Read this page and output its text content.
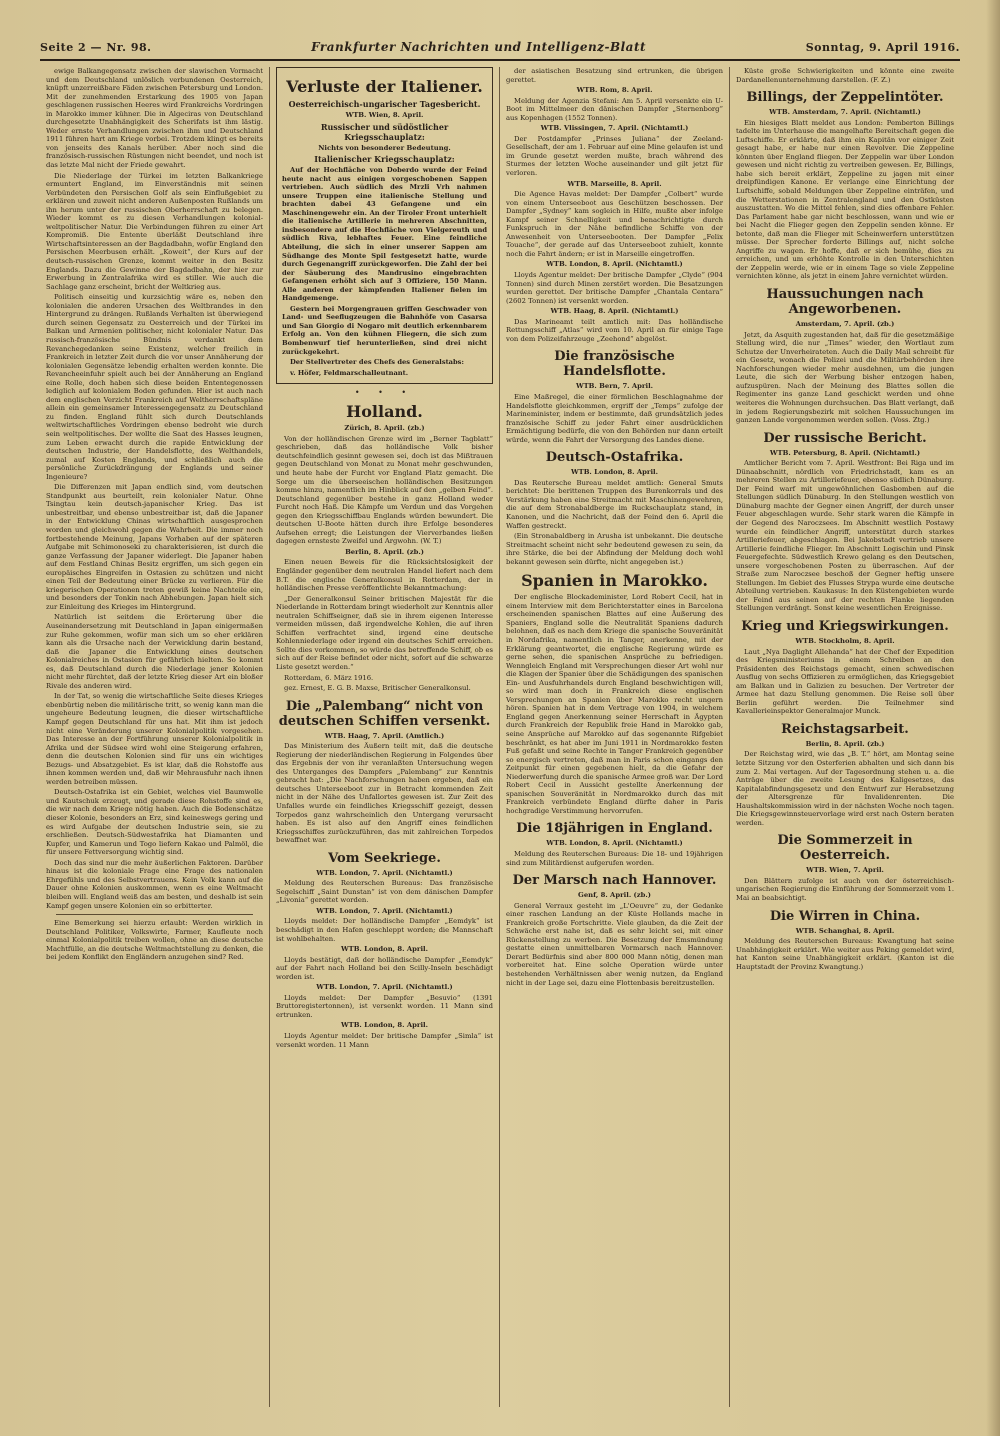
Seite 2 — Nr. 98.	Frankfurter Nachrichten und Intelligenz-Blatt	Sonntag, 9. April 1916.

ewige Balkangegensatz zwischen der slawischen Vormacht und dem Deutschland unlöslich verbundenen Oesterreich, knüpft unzerreißbare Fäden zwischen Petersburg und London. Mit der zunehmenden Erstarkung des 1905 von Japan geschlagenen russischen Heeres wird Frankreichs Vordringen in Marokko immer kühner. Die in Algeciras von Deutschland durchgesetzte Unabhängigkeit des Scherifats ist ihm lästig. Weder ernste Verhandlungen zwischen ihm und Deutschland 1911 führen hart am Kriege vorbei. Trotzdem klingt es bereits von jenseits des Kanals herüber. Aber noch sind die französisch-russischen Rüstungen nicht beendet, und noch ist das letzte Mal nicht der Friede gewahrt.

Die Niederlage der Türkei im letzten Balkankriege ermuntert England, im Einverständnis mit seinen Verbündeten den Persischen Golf als sein Einflußgebiet zu erklären und zuweit nicht anderen Außenposten Rußlands um ihn herum unter der russischen Oberherrschaft zu belegen. Wieder kommt es zu diesen Verhandlungen kolonial-weltpolitischer Natur. Die Verbindungen führen zu einer Art Kompromiß. Die Entente überläßt Deutschland ihre Wirtschaftsinteressen an der Bagdadbahn, wofür England den Persischen Meerbusen erhält. „Koweit“, der Kurs auf der deutsch-russischen Grenze, kommt weiter in den Besitz Englands. Dazu die Gewinne der Bagdadbahn, der hier zur Erwerbung in Zentralafrika wird es stiller. Wie auch die Sachlage ganz erscheint, bricht der Weltkrieg aus.

Politisch einseitig und kurzsichtig wäre es, neben den kolonialen die anderen Ursachen des Weltbrandes in den Hintergrund zu drängen. Rußlands Verhalten ist überwiegend durch seinen Gegensatz zu Oesterreich und der Türkei im Balkan und Armenien politischer, nicht kolonialer Natur. Das russisch-französische Bündnis verdankt dem Revanchegedanken seine Existenz, welcher freilich in Frankreich in letzter Zeit durch die vor unser Annäherung der kolonialen Gegensätze lebendig erhalten werden konnte. Die Revancheeinfuhr spielt auch bei der Annäherung an England eine Rolle, doch haben sich diese beiden Ententegenossen lediglich auf kolonialem Boden gefunden. Hier ist auch nach dem englischen Verzicht Frankreich auf Weltherrschaftspläne allein ein gemeinsamer Interessengegensatz zu Deutschland zu finden. England fühlt sich durch Deutschlands weltwirtschaftliches Vordringen ebenso bedroht wie durch sein weltpolitisches. Der wollte die Saat des Hasses leugnen, zum Leben erwacht durch die rapide Entwicklung der deutschen Industrie, der Handelsflotte, des Welthandels, zumal auf Kosten Englands, und schließlich auch die persönliche Zurückdrängung der Englands und seiner Ingenieure?

Die Differenzen mit Japan endlich sind, vom deutschen Standpunkt aus beurteilt, rein kolonialer Natur. Ohne Tsingtau kein deutsch-japanischer Krieg. Das ist unbestreitbar, und ebenso unbestreitbar ist, daß die Japaner in der Entwicklung Chinas wirtschaftlich ausgesprochen worden und gleichwohl gegen die Wahrheit. Die immer noch fortbestehende Meinung, Japans Vorhaben auf der späteren Aufgabe mit Schimonoseki zu charakterisieren, ist durch die ganze Verfassung der Japaner widerlegt. Die Japaner haben auf dem Festland Chinas Besitz ergriffen, um sich gegen ein europäisches Eingreifen in Ostasien zu schützen und nicht einen Teil der Bedeutung einer Brücke zu verlieren. Für die kriegerischen Operationen treten gewiß keine Nachteile ein, und besonders der Tonkin nach Abhebungen. Japan hielt sich zur Einleitung des Krieges im Hintergrund.

Natürlich ist seitdem die Erörterung über die Auseinandersetzung mit Deutschland in Japan einigermaßen zur Ruhe gekommen, wofür man sich um so eher erklären kann als die Ursache nach der Verwicklung darin bestand, daß die Japaner die Entwicklung eines deutschen Kolonialreiches in Ostasien für gefährlich hielten. So kommt es, daß Deutschland durch die Niederlage jener Kolonien nicht mehr fürchtet, daß der letzte Krieg dieser Art ein bloßer Rivale des anderen wird.

In der Tat, so wenig die wirtschaftliche Seite dieses Krieges ebenbürtig neben die militärische tritt, so wenig kann man die ungeheure Bedeutung leugnen, die dieser wirtschaftliche Kampf gegen Deutschland für uns hat. Mit ihm ist jedoch nicht eine Veränderung unserer Kolonialpolitik vorgesehen. Das Interesse an der Fortführung unserer Kolonialpolitik in Afrika und der Südsee wird wohl eine Steigerung erfahren, denn die deutschen Kolonien sind für uns ein wichtiges Bezugs- und Absatzgebiet. Es ist klar, daß die Rohstoffe aus ihnen kommen werden und, daß wir Mehrausfuhr nach ihnen werden betreiben müssen.

Deutsch-Ostafrika ist ein Gebiet, welches viel Baumwolle und Kautschuk erzeugt, und gerade diese Rohstoffe sind es, die wir nach dem Kriege nötig haben. Auch die Bodenschätze dieser Kolonie, besonders an Erz, sind keineswegs gering und es wird Aufgabe der deutschen Industrie sein, sie zu erschließen. Deutsch-Südwestafrika hat Diamanten und Kupfer, und Kamerun und Togo liefern Kakao und Palmöl, die für unsere Fettversorgung wichtig sind.

Doch das sind nur die mehr äußerlichen Faktoren. Darüber hinaus ist die koloniale Frage eine Frage des nationalen Ehrgefühls und des Selbstvertrauens. Kein Volk kann auf die Dauer ohne Kolonien auskommen, wenn es eine Weltmacht bleiben will. England weiß das am besten, und deshalb ist sein Kampf gegen unsere Kolonien ein so erbitterter.

Eine Bemerkung sei hierzu erlaubt: Werden wirklich in Deutschland Politiker, Volkswirte, Farmer, Kaufleute noch einmal Kolonialpolitik treiben wollen, ohne an diese deutsche Machtfülle, an die deutsche Weltmachtstellung zu denken, die bei jedem Konflikt den Engländern anzugehen sind? Red.

Verluste der Italiener.
Oesterreichisch-ungarischer Tagesbericht.

WTB. Wien, 8. April.

Russischer und südöstlicher Kriegsschauplatz:

Nichts von besonderer Bedeutung.

Italienischer Kriegsschauplatz:

Auf der Hochfläche von Doberdo wurde der Feind heute nacht aus einigen vorgeschobenen Sappen vertrieben. Auch südlich des Mrzli Vrh nahmen unsere Truppen eine italienische Stellung und brachten dabei 43 Gefangene und ein Maschinengewehr ein. An der Tiroler Front unterhielt die italienische Artillerie in mehreren Abschnitten, insbesondere auf die Hochfläche von Vielgereuth und südlich Riva, lebhaftes Feuer. Eine feindliche Abteilung, die sich in einer unserer Sappen am Südhange des Monte Spil festgesetzt hatte, wurde durch Gegenangriff zurückgeworfen. Die Zahl der bei der Säuberung des Mandrusino eingebrachten Gefangenen erhöht sich auf 3 Offiziere, 150 Mann. Alle anderen der kämpfenden Italiener fielen im Handgemenge.

Gestern bei Morgengrauen griffen Geschwader von Land- und Seeflugzeugen die Bahnhöfe von Casarsa und San Giorgio di Nogaro mit deutlich erkennbarem Erfolg an. Von den kühnen Fliegern, die sich zum Bombenwurf tief herunterließen, sind drei nicht zurückgekehrt.

Der Stellvertreter des Chefs des Generalstabs:

v. Höfer, Feldmarschalleutnant.

• • •
Holland.

Zürich, 8. April. (zb.)

Von der holländischen Grenze wird im „Berner Tagblatt“ geschrieben, daß das holländische Volk bisher deutschfeindlich gesinnt gewesen sei, doch ist das Mißtrauen gegen Deutschland von Monat zu Monat mehr geschwunden, und heute habe der Furcht vor England Platz gemacht. Die Sorge um die überseeischen holländischen Besitzungen komme hinzu, namentlich im Hinblick auf den „gelben Feind“. Deutschland gegenüber bestehe in ganz Holland weder Furcht noch Haß. Die Kämpfe um Verdun und das Vorgehen gegen den Kriegsschiffbau Englands würden bewundert. Die deutschen U-Boote hätten durch ihre Erfolge besonderes Aufsehen erregt; die Leistungen der Vierverbandes ließen dagegen ernsteste Zweifel und Argwohn. (W. T.)

Berlin, 8. April. (zb.)

Einen neuen Beweis für die Rücksichtslosigkeit der Engländer gegenüber dem neutralen Handel liefert nach dem B.T. die englische Generalkonsul in Rotterdam, der in holländischen Presse veröffentlichte Bekanntmachung:

„Der Generalkonsul Seiner britischen Majestät für die Niederlande in Rotterdam bringt wiederholt zur Kenntnis aller neutralen Schiffseigner, daß sie in ihrem eigenen Interesse vermeiden müssen, daß irgendwelche Kohlen, die auf ihren Schiffen verfrachtet sind, irgend eine deutsche Kohlenniederlage oder irgend ein deutsches Schiff erreichen. Sollte dies vorkommen, so würde das betreffende Schiff, ob es sich auf der Reise befindet oder nicht, sofort auf die schwarze Liste gesetzt werden.“

Rotterdam, 6. März 1916.

gez. Ernest, E. G. B. Maxse, Britischer Generalkonsul.

Die „Palembang“ nicht von deutschen Schiffen versenkt.

WTB. Haag, 7. April. (Amtlich.)

Das Ministerium des Äußern teilt mit, daß die deutsche Regierung der niederländischen Regierung in Folgendes über das Ergebnis der von ihr veranlaßten Untersuchung wegen des Unterganges des Dampfers „Palembang“ zur Kenntnis gebracht hat: „Die Nachforschungen haben ergeben, daß ein deutsches Unterseeboot zur in Betracht kommenden Zeit nicht in der Nähe des Unfallortes gewesen ist. Zur Zeit des Unfalles wurde ein feindliches Kriegsschiff gezeigt, dessen Torpedos ganz wahrscheinlich den Untergang verursacht haben. Es ist also auf den Angriff eines feindlichen Kriegsschiffes zurückzuführen, das mit zahlreichen Torpedos bewaffnet war.

Vom Seekriege.

WTB. London, 7. April. (Nichtamtl.)

Meldung des Reuterschen Bureaus: Das französische Segelschiff „Saint Dunstan“ ist von dem dänischen Dampfer „Livonia“ gerettet worden.

WTB. London, 7. April. (Nichtamtl.)

Lloyds meldet: Der holländische Dampfer „Eemdyk“ ist beschädigt in den Hafen geschleppt worden; die Mannschaft ist wohlbehalten.

WTB. London, 8. April.

Lloyds bestätigt, daß der holländische Dampfer „Eemdyk“ auf der Fahrt nach Holland bei den Scilly-Inseln beschädigt worden ist.

WTB. London, 7. April. (Nichtamtl.)

Lloyds meldet: Der Dampfer „Besuvio“ (1391 Bruttoregistertonnen), ist versenkt worden. 11 Mann sind ertrunken.

WTB. London, 8. April.

Lloyds Agentur meldet: Der britische Dampfer „Simla“ ist versenkt worden. 11 Mann

der asiatischen Besatzung sind ertrunken, die übrigen gerettet.

WTB. Rom, 8. April.

Meldung der Agenzia Stefani: Am 5. April versenkte ein U-Boot im Mittelmeer den dänischen Dampfer „Sternenborg“ aus Kopenhagen (1552 Tonnen).

WTB. Vlissingen, 7. April. (Nichtamtl.)

Der Postdampfer „Prinses Juliana“ der Zeeland-Gesellschaft, der am 1. Februar auf eine Mine gelaufen ist und im Grunde gesetzt werden mußte, brach während des Sturmes der letzten Woche auseinander und gilt jetzt für verloren.

WTB. Marseille, 8. April.

Die Agence Havas meldet: Der Dampfer „Colbert“ wurde von einem Unterseeboot aus Geschützen beschossen. Der Dampfer „Sydney“ kam sogleich in Hilfe, mußte aber infolge Kampf seiner Schnelligkeit und benachrichtigte durch Funkspruch in der Nähe befindliche Schiffe von der Anwesenheit von Unterseebooten. Der Dampfer „Felix Touache“, der gerade auf das Unterseeboot zuhielt, konnte noch die Fahrt ändern; er ist in Marseille eingetroffen.

WTB. London, 8. April. (Nichtamtl.)

Lloyds Agentur meldet: Der britische Dampfer „Clyde“ (904 Tonnen) sind durch Minen zerstört worden. Die Besatzungen wurden gerettet. Der britische Dampfer „Chantala Centara“ (2602 Tonnen) ist versenkt worden.

WTB. Haag, 8. April. (Nichtamtl.)

Das Marineamt teilt amtlich mit: Das holländische Rettungsschiff „Atlas“ wird vom 10. April an für einige Tage von dem Polizeifahrzeuge „Zeehond“ abgelöst.

Die französische Handelsflotte.

WTB. Bern, 7. April.

Eine Maßregel, die einer förmlichen Beschlagnahme der Handelsflotte gleichkommen, ergriff der „Temps“ zufolge der Marineminister, indem er bestimmte, daß grundsätzlich jedes französische Schiff zu jeder Fahrt einer ausdrücklichen Ermächtigung bedürfe, die von den Behörden nur dann erteilt würde, wenn die Fahrt der Versorgung des Landes diene.

Deutsch-Ostafrika.

WTB. London, 8. April.

Das Reutersche Bureau meldet amtlich: General Smuts berichtet: Die berittenen Truppen des Burenkorrals und des Verstärkung haben eine Streitmacht mit Maschinengewehren, die auf dem Stronabaldberge im Ruckschauplatz stand, in Kanonen, und die Nachricht, daß der Feind den 6. April die Waffen gestreckt.

(Ein Stronabaldberg in Arusha ist unbekannt. Die deutsche Streitmacht scheint nicht sehr bedeutend gewesen zu sein, da ihre Stärke, die bei der Abfindung der Meldung doch wohl bekannt gewesen sein dürfte, nicht angegeben ist.)

Spanien in Marokko.

Der englische Blockademinister, Lord Robert Cecil, hat in einem Interview mit dem Berichterstatter eines in Barcelona erscheinenden spanischen Blattes auf eine Äußerung des Spaniers, England solle die Neutralität Spaniens dadurch belohnen, daß es nach dem Kriege die spanische Souveränität in Nordafrika, namentlich in Tanger, anerkenne, mit der Erklärung geantwortet, die englische Regierung würde es gerne sehen, die spanischen Ansprüche zu befriedigen. Wenngleich England mit Versprechungen dieser Art wohl nur die Klagen der Spanier über die Schädigungen des spanischen Ein- und Ausfuhrhandels durch England beschwichtigen will, so wird man doch in Frankreich diese englischen Versprechungen an Spanien über Marokko recht ungern hören. Spanien hat in dem Vertrage von 1904, in welchem England gegen Anerkennung seiner Herrschaft in Ägypten durch Frankreich der Republik freie Hand in Marokko gab, seine Ansprüche auf Marokko auf das sogenannte Rifgebiet beschränkt, es hat aber im Juni 1911 in Nordmarokko festen Fuß gefaßt und seine Rechte in Tanger Frankreich gegenüber so energisch vertreten, daß man in Paris schon eingangs den Zeitpunkt für einen gegebenen hielt, da die Gefahr der Niederwerfung durch die spanische Armee groß war. Der Lord Robert Cecil in Aussicht gestellte Anerkennung der spanischen Souveränität in Nordmarokko durch das mit Frankreich verbündete England dürfte daher in Paris hochgradige Verstimmung hervorrufen.

Die 18jährigen in England.

WTB. London, 8. April. (Nichtamtl.)

Meldung des Reuterschen Bureaus: Die 18- und 19jährigen sind zum Militärdienst aufgerufen worden.

Der Marsch nach Hannover.

Genf, 8. April. (zb.)

General Verraux gesteht im „L'Oeuvre“ zu, der Gedanke einer raschen Landung an der Küste Hollands mache in Frankreich große Fortschritte. Viele glauben, da die Zeit der Schwäche erst nahe ist, daß es sehr leicht sei, mit einer Rückenstellung zu werben. Die Besetzung der Emsmündung gestatte einen unmittelbaren Vormarsch nach Hannover. Derart Bedürfnis sind aber 800 000 Mann nötig, denen man vorbereitet hat. Eine solche Operation würde unter bestehenden Verhältnissen aber wenig nutzen, da England nicht in der Lage sei, dazu eine Flottenbasis bereitzustellen.

Küste große Schwierigkeiten und könnte eine zweite Dardanellenunternehmung darstellen. (F. Z.)

Billings, der Zeppelintöter.

WTB. Amsterdam, 7. April. (Nichtamtl.)

Ein hiesiges Blatt meldet aus London: Pemberton Billings tadelte im Unterhause die mangelhafte Bereitschaft gegen die Luftschiffe. Er erklärte, daß ihm ein Kapitän vor einiger Zeit gesagt habe, er habe nur einen Revolver. Die Zeppeline könnten über England fliegen. Der Zeppelin war über London gewesen und nicht richtig zu vertreiben gewesen. Er, Billings, habe sich bereit erklärt, Zeppeline zu jagen mit einer dreipfündigen Kanone. Er verlange eine Einrichtung der Luftschiffe, sobald Meldungen über Zeppeline einträfen, und die Wetterstationen in Zentralengland und den Ostküsten auszustatten. Wo die Mittel fehlen, sind dies offenbare Fehler. Das Parlament habe gar nicht beschlossen, wann und wie er bei Nacht die Flieger gegen den Zeppelin senden könne. Er betonte, daß man die Flieger mit Scheinwerfern unterstützen müsse. Der Sprecher forderte Billings auf, nicht solche Angriffe zu wagen. Er hoffe, daß er sich bemühe, dies zu erreichen, und um erhöhte Kontrolle in den Unterschichten der Zeppelin werde, wie er in einem Tage so viele Zeppeline vernichten könne, als jetzt in einem Jahre vernichtet würden.

Haussuchungen nach Angeworbenen.

Amsterdam, 7. April. (zb.)

Jetzt, da Asquith zugestanden hat, daß für die gesetzmäßige Stellung wird, die nur „Times“ wieder, den Wortlaut zum Schutze der Unverheirateten. Auch die Daily Mail schreibt für ein Gesetz, wonach die Polizei und die Militärbehörden ihre Nachforschungen wieder mehr ausdehnen, um die jungen Leute, die sich der Werbung bisher entzogen haben, aufzuspüren. Nach der Meinung des Blattes sollen die Regimenter ins ganze Land geschickt werden und ohne weiteres die Wohnungen durchsuchen. Das Blatt verlangt, daß in jedem Regierungsbezirk mit solchen Haussuchungen im ganzen Lande vorgenommen werden sollen. (Voss. Ztg.)

Der russische Bericht.

WTB. Petersburg, 8. April. (Nichtamtl.)

Amtlicher Bericht vom 7. April. Westfront: Bei Riga und im Dünaabschnitt, nördlich von Friedrichstadt, kam es an mehreren Stellen zu Artilleriefeuer, ebenso südlich Dünaburg. Der Feind warf mit ungewöhnlichen Gasbomben auf die Stellungen südlich Dünaburg. In den Stellungen westlich von Dünaburg machte der Gegner einen Angriff, der durch unser Feuer abgeschlagen wurde. Sehr stark waren die Kämpfe in der Gegend des Naroczsees. Im Abschnitt westlich Postawy wurde ein feindlicher Angriff, unterstützt durch starkes Artilleriefeuer, abgeschlagen. Bei Jakobstadt vertrieb unsere Artillerie feindliche Flieger. Im Abschnitt Logischin und Pinsk Feuergefechte. Südwestlich Krewo gelang es den Deutschen, unsere vorgeschobenen Posten zu überraschen. Auf der Straße zum Naroczsee beschoß der Gegner heftig unsere Stellungen. Im Gebiet des Flusses Strypa wurde eine deutsche Abteilung vertrieben. Kaukasus: In den Küstengebieten wurde der Feind aus seinen auf der rechten Flanke liegenden Stellungen verdrängt. Sonst keine wesentlichen Ereignisse.

Krieg und Kriegswirkungen.

WTB. Stockholm, 8. April.

Laut „Nya Daglight Allehanda“ hat der Chef der Expedition des Kriegsministeriums in einem Schreiben an den Präsidenten des Reichstags gemacht, einen schwedischen Ausflug von sechs Offizieren zu ermöglichen, das Kriegsgebiet am Balkan und in Galizien zu besuchen. Der Vertreter der Armee hat dazu Stellung genommen. Die Reise soll über Berlin geführt werden. Die Teilnehmer sind Kavallerieinspektor Generalmajor Munck.

Reichstagsarbeit.

Berlin, 8. April. (zb.)

Der Reichstag wird, wie das „B. T.“ hört, am Montag seine letzte Sitzung vor den Osterferien abhalten und sich dann bis zum 2. Mai vertagen. Auf der Tagesordnung stehen u. a. die Anträge über die zweite Lesung des Kaligesetzes, das Kapitalabfindungsgesetz und den Entwurf zur Herabsetzung der Altersgrenze für Invalidenrenten. Die Haushaltskommission wird in der nächsten Woche noch tagen. Die Kriegsgewinnsteuervorlage wird erst nach Ostern beraten werden.

Die Sommerzeit in Oesterreich.

WTB. Wien, 7. April.

Den Blättern zufolge ist auch von der österreichisch-ungarischen Regierung die Einführung der Sommerzeit vom 1. Mai an beabsichtigt.

Die Wirren in China.

WTB. Schanghai, 8. April.

Meldung des Reuterschen Bureaus: Kwangtung hat seine Unabhängigkeit erklärt. Wie weiter aus Peking gemeldet wird, hat Kanton seine Unabhängigkeit erklärt. (Kanton ist die Hauptstadt der Provinz Kwangtung.)
